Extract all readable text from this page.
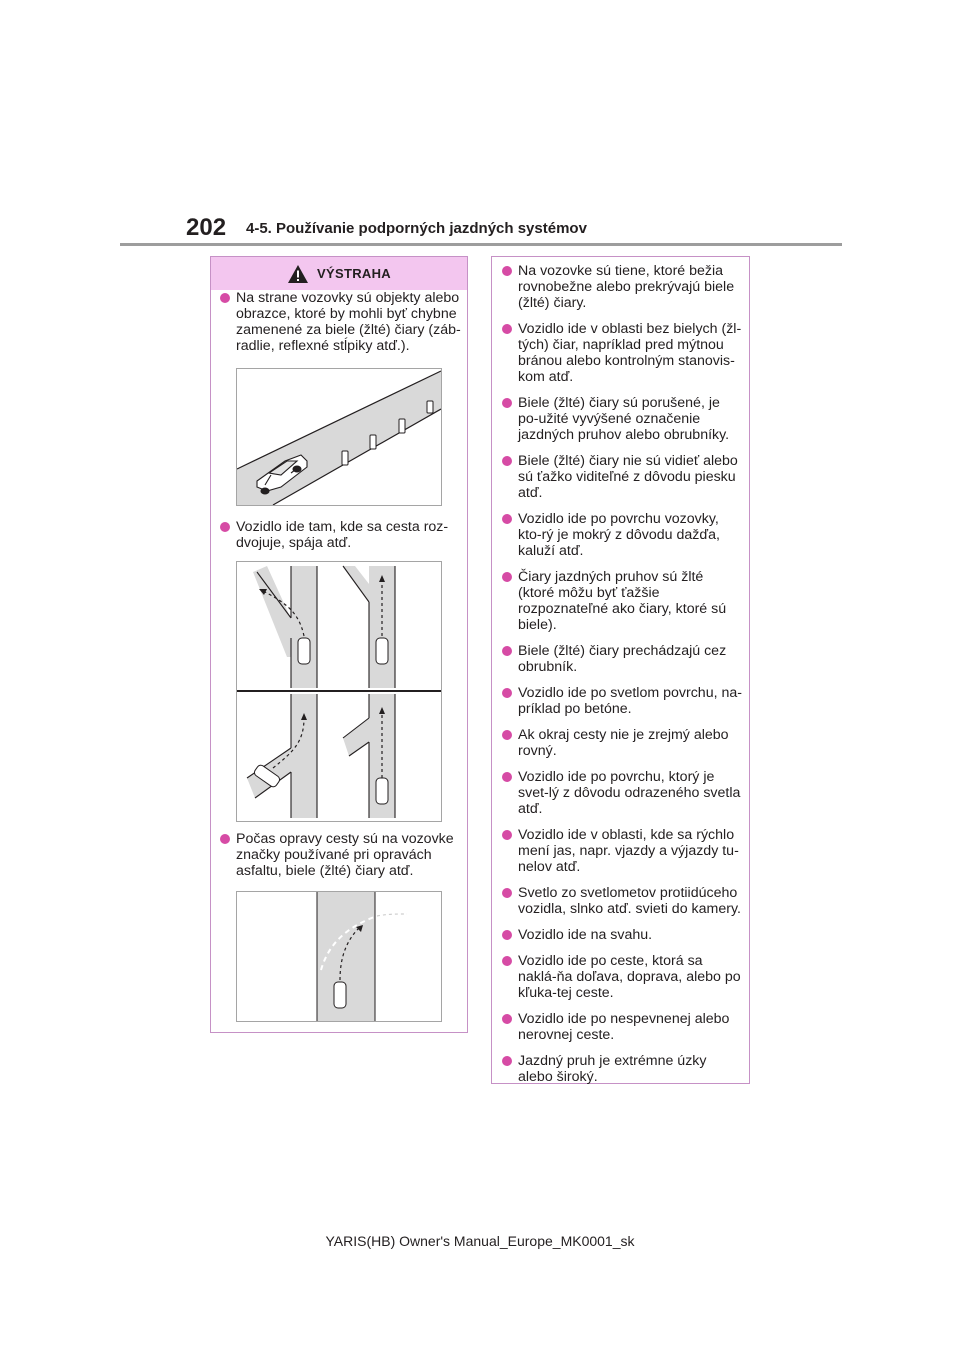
202 4-5. Používanie podporných jazdných systémov
VÝSTRAHA
Na strane vozovky sú objekty alebo obrazce, ktoré by mohli byť chybne zamenené za biele (žlté) čiary (záb-radlie, reflexné stĺpiky atď.).
Vozidlo ide tam, kde sa cesta roz-dvojuje, spája atď.
Počas opravy cesty sú na vozovke značky používané pri opravách asfaltu, biele (žlté) čiary atď.
Na vozovke sú tiene, ktoré bežia rovnobežne alebo prekrývajú biele (žlté) čiary.
Vozidlo ide v oblasti bez bielych (žl-tých) čiar, napríklad pred mýtnou bránou alebo kontrolným stanovis-kom atď.
Biele (žlté) čiary sú porušené, je po-užité vyvýšené označenie jazdných pruhov alebo obrubníky.
Biele (žlté) čiary nie sú vidieť alebo sú ťažko viditeľné z dôvodu piesku atď.
Vozidlo ide po povrchu vozovky, kto-rý je mokrý z dôvodu dažďa, kaluží atď.
Čiary jazdných pruhov sú žlté (ktoré môžu byť ťažšie rozpoznateľné ako čiary, ktoré sú biele).
Biele (žlté) čiary prechádzajú cez obrubník.
Vozidlo ide po svetlom povrchu, na-príklad po betóne.
Ak okraj cesty nie je zrejmý alebo rovný.
Vozidlo ide po povrchu, ktorý je svet-lý z dôvodu odrazeného svetla atď.
Vozidlo ide v oblasti, kde sa rýchlo mení jas, napr. vjazdy a výjazdy tu-nelov atď.
Svetlo zo svetlometov protiidúceho vozidla, slnko atď. svieti do kamery.
Vozidlo ide na svahu.
Vozidlo ide po ceste, ktorá sa naklá-ňa doľava, doprava, alebo po kľuka-tej ceste.
Vozidlo ide po nespevnenej alebo nerovnej ceste.
Jazdný pruh je extrémne úzky alebo široký.
YARIS(HB) Owner's Manual_Europe_MK0001_sk
